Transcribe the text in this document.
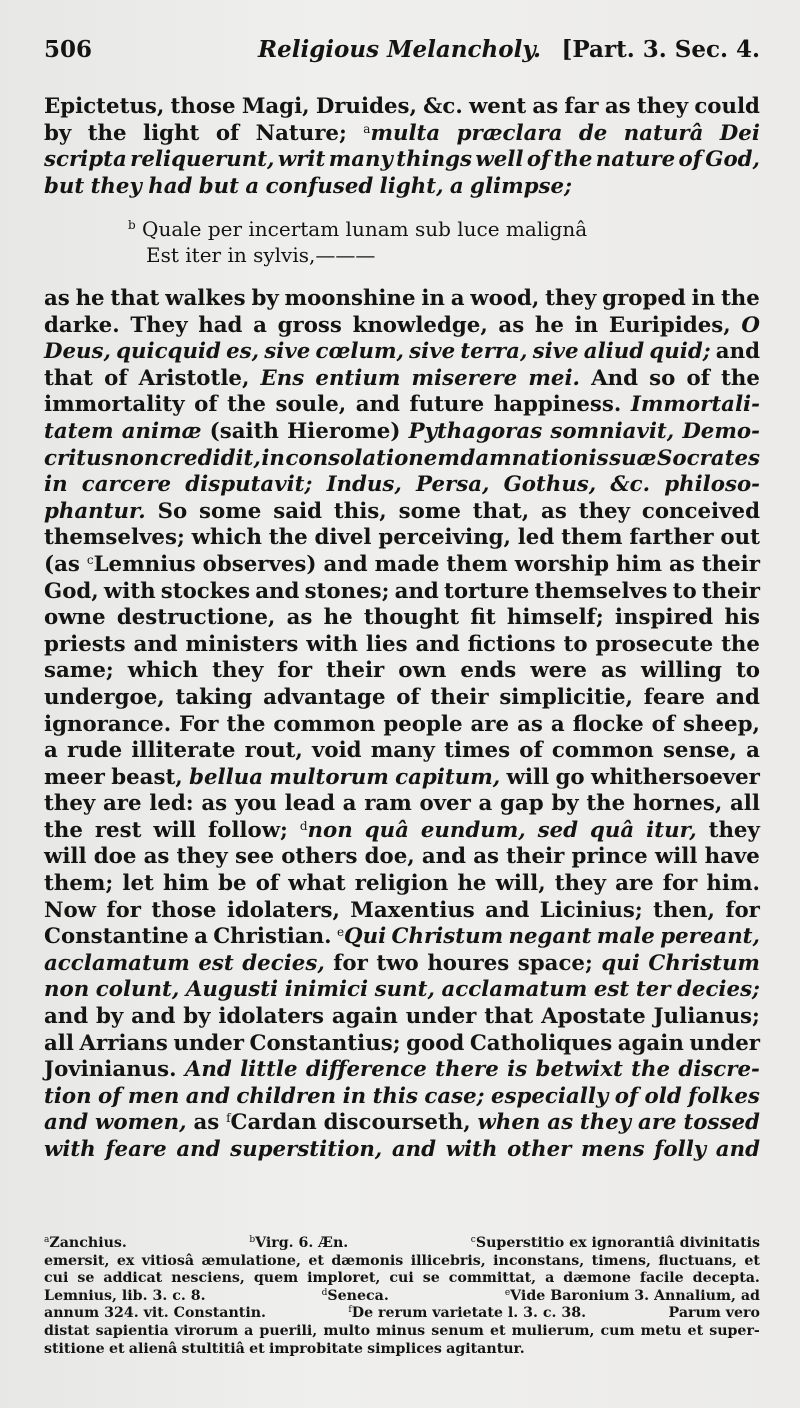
506	Religious Melancholy. [Part. 3. Sec. 4.
Epictetus, those Magi, Druides, &c. went as far as they could
by the light of Nature; $^a$multa præclara de naturâ Dei
scripta reliquerunt, writ many things well of the nature of God,
but they had but a confused light, a glimpse;
$^b$ Quale per incertam lunam sub luce malignâ
Est iter in sylvis,———
as he that walkes by moonshine in a wood, they groped in the
darke. They had a gross knowledge, as he in Euripides, O
Deus, quicquid es, sive cœlum, sive terra, sive aliud quid; and
that of Aristotle, Ens entium miserere mei. And so of the
immortality of the soule, and future happiness. Immortali-
tatem animæ (saith Hierome) Pythagoras somniavit, Demo-
critus non credidit, in consolationem damnationis suæ Socrates
in carcere disputavit; Indus, Persa, Gothus, &c. philoso-
phantur. So some said this, some that, as they conceived
themselves; which the divel perceiving, led them farther out
(as $^c$Lemnius observes) and made them worship him as their
God, with stockes and stones; and torture themselves to their
owne destructione, as he thought fit himself; inspired his
priests and ministers with lies and fictions to prosecute the
same; which they for their own ends were as willing to
undergoe, taking advantage of their simplicitie, feare and
ignorance. For the common people are as a flocke of sheep,
a rude illiterate rout, void many times of common sense, a
meer beast, bellua multorum capitum, will go whithersoever
they are led: as you lead a ram over a gap by the hornes, all
the rest will follow; $^d$non quâ eundum, sed quâ itur, they
will doe as they see others doe, and as their prince will have
them; let him be of what religion he will, they are for him.
Now for those idolaters, Maxentius and Licinius; then, for
Constantine a Christian. $^e$Qui Christum negant male pereant,
acclamatum est decies, for two houres space; qui Christum
non colunt, Augusti inimici sunt, acclamatum est ter decies;
and by and by idolaters again under that Apostate Julianus;
all Arrians under Constantius; good Catholiques again under
Jovinianus. And little difference there is betwixt the discre-
tion of men and children in this case; especially of old folkes
and women, as $^f$Cardan discourseth, when as they are tossed
with feare and superstition, and with other mens folly and
$^a$Zanchius.	$^b$Virg. 6. Æn.	$^c$Superstitio ex ignorantiâ divinitatis
emersit, ex vitiosâ æmulatione, et dæmonis illicebris, inconstans, timens, fluctuans, et
cui se addicat nesciens, quem imploret, cui se committat, a dæmone facile decepta.
Lemnius, lib. 3. c. 8.	$^d$Seneca.	$^e$Vide Baronium 3. Annalium, ad
annum 324. vit. Constantin.	$^f$De rerum varietate l. 3. c. 38.	Parum vero
distat sapientia virorum a puerili, multo minus senum et mulierum, cum metu et super-
stitione et alienâ stultitiâ et improbitate simplices agitantur.
